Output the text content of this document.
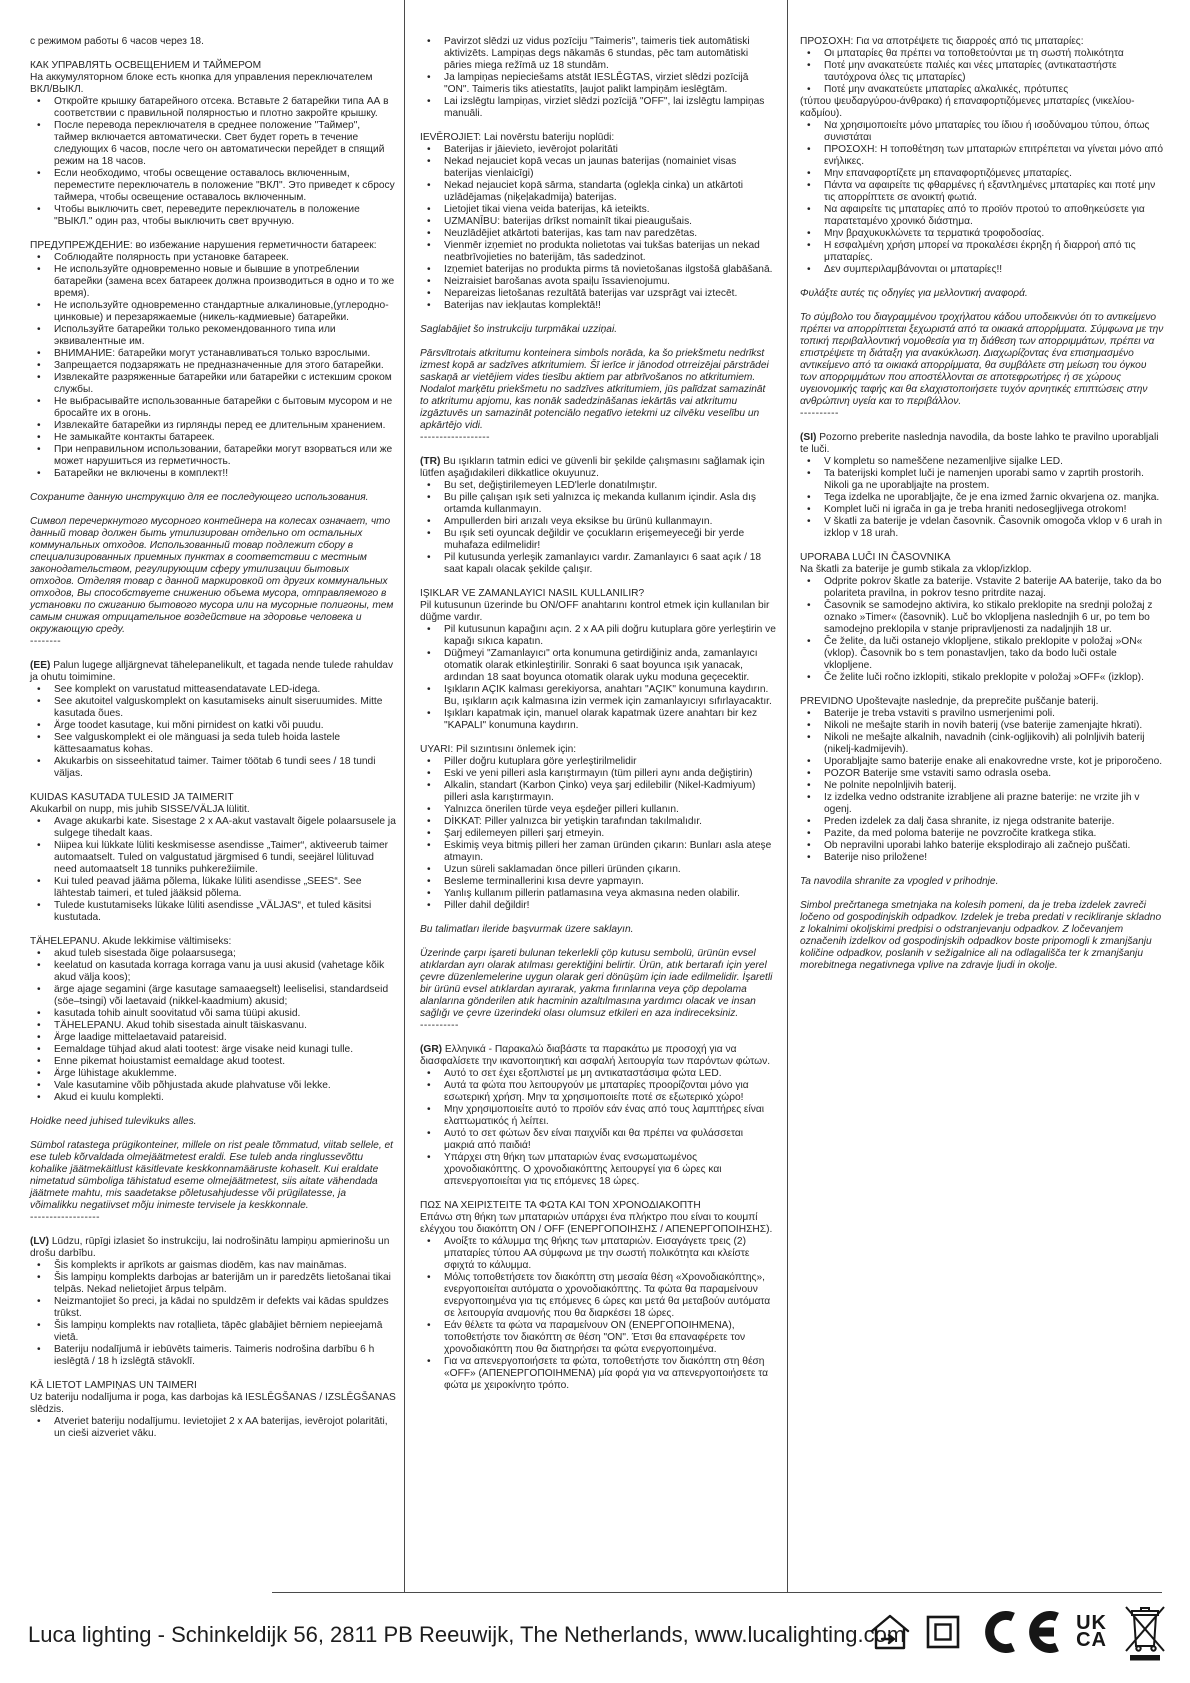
с режимом работы 6 часов через 18.
КАК УПРАВЛЯТЬ ОСВЕЩЕНИЕМ И ТАЙМЕРОМ
На аккумуляторном блоке есть кнопка для управления переключателем ВКЛ/ВЫКЛ.
• Откройте крышку батарейного отсека. Вставьте 2 батарейки типа АА в соответствии с правильной полярностью и плотно закройте крышку.
• После перевода переключателя в среднее положение "Таймер", таймер включается автоматически. Свет будет гореть в течение следующих 6 часов, после чего он автоматически перейдет в спящий режим на 18 часов.
• Если необходимо, чтобы освещение оставалось включенным, переместите переключатель в положение "ВКЛ". Это приведет к сбросу таймера, чтобы освещение оставалось включенным.
• Чтобы выключить свет, переведите переключатель в положение "ВЫКЛ." один раз, чтобы выключить свет вручную.
ПРЕДУПРЕЖДЕНИЕ: во избежание нарушения герметичности батареек:
• Соблюдайте полярность при установке батареек.
• Не используйте одновременно новые и бывшие в употреблении батарейки (замена всех батареек должна производиться в одно и то же время).
• Не используйте одновременно стандартные алкалиновые,(углеродно-цинковые) и перезаряжаемые (никель-кадмиевые) батарейки.
• Используйте батарейки только рекомендованного типа или эквивалентные им.
• ВНИМАНИЕ: батарейки могут устанавливаться только взрослыми.
• Запрещается подзаряжать не предназначенные для этого батарейки.
• Извлекайте разряженные батарейки или батарейки с истекшим сроком службы.
• Не выбрасывайте использованные батарейки с бытовым мусором и не бросайте их в огонь.
• Извлекайте батарейки из гирлянды перед ее длительным хранением.
• Не замыкайте контакты батареек.
• При неправильном использовании, батарейки могут взорваться или же может нарушиться из герметичность.
• Батарейки не включены в комплект!!
Сохраните данную инструкцию для ее последующего использования.
Символ перечеркнутого мусорного контейнера на колесах означает, что данный товар должен быть утилизирован отдельно от остальных коммунальных отходов. Использованный товар подлежит сбору в специализированных приемных пунктах в соответствии с местным законодательством, регулирующим сферу утилизации бытовых отходов. Отделяя товар с данной маркировкой от других коммунальных отходов, Вы способствуете снижению объема мусора, отправляемого в установки по сжиганию бытового мусора или на мусорные полигоны, тем самым снижая отрицательное воздействие на здоровье человека и окружающую среду.
--------
(EE) Palun lugege alljärgnevat tähelepanelikult, et tagada nende tulede rahuldav ja ohutu toimimine.
• See komplekt on varustatud mitteasendatavate LED-idega.
• See akutoitel valguskomplekt on kasutamiseks ainult siseruumides. Mitte kasutada õues.
• Ärge toodet kasutage, kui mõni pirnidest on katki või puudu.
• See valguskomplekt ei ole mänguasi ja seda tuleb hoida lastele kättesaamatus kohas.
• Akukarbis on sisseehitatud taimer. Taimer töötab 6 tundi sees / 18 tundi väljas.
KUIDAS KASUTADA TULESID JA TAIMERIT
Akukarbil on nupp, mis juhib SISSE/VÄLJA lülitit.
• Avage akukarbi kate. Sisestage 2 x AA-akut vastavalt õigele polaarsusele ja sulgege tihedalt kaas.
• Niipea kui lükkate lüliti keskmisesse asendisse „Taimer“, aktiveerub taimer automaatselt. Tuled on valgustatud järgmised 6 tundi, seejärel lülituvad need automaatselt 18 tunniks puhkerežiimile.
• Kui tuled peavad jääma põlema, lükake lüliti asendisse „SEES“. See lähtestab taimeri, et tuled jääksid põlema.
• Tulede kustutamiseks lükake lüliti asendisse „VÄLJAS“, et tuled käsitsi kustutada.
TÄHELEPANU. Akude lekkimise vältimiseks:
• akud tuleb sisestada õige polaarsusega;
• keelatud on kasutada korraga korraga vanu ja uusi akusid (vahetage kõik akud välja koos);
• ärge ajage segamini (ärge kasutage samaaegselt) leeliselisi, standardseid (söe–tsingi) või laetavaid (nikkel-kaadmium) akusid;
• kasutada tohib ainult soovitatud või sama tüüpi akusid.
• TÄHELEPANU. Akud tohib sisestada ainult täiskasvanu.
• Ärge laadige mittelaetavaid patareisid.
• Eemaldage tühjad akud alati tootest: ärge visake neid kunagi tulle.
• Enne pikemat hoiustamist eemaldage akud tootest.
• Ärge lühistage akuklemme.
• Vale kasutamine võib põhjustada akude plahvatuse või lekke.
• Akud ei kuulu komplekti.
Hoidke need juhised tulevikuks alles.
Sümbol ratastega prügikonteiner, millele on rist peale tõmmatud, viitab sellele, et ese tuleb kõrvaldada olmejäätmetest eraldi. Ese tuleb anda ringlussevõttu kohalike jäätmekäitlust käsitlevate keskkonnamääruste kohaselt. Kui eraldate nimetatud sümboliga tähistatud eseme olmejäätmetest, siis aitate vähendada jäätmete mahtu, mis saadetakse põletusahjudesse või prügilatesse, ja võimalikku negatiivset mõju inimeste tervisele ja keskkonnale.
------------------
(LV) Lūdzu, rūpīgi izlasiet šo instrukciju, lai nodrošinātu lampiņu apmierinošu un drošu darbību.
• Šis komplekts ir aprīkots ar gaismas diodēm, kas nav maināmas.
• Šis lampiņu komplekts darbojas ar baterijām un ir paredzēts lietošanai tikai telpās. Nekad nelietojiet ārpus telpām.
• Neizmantojiet šo preci, ja kādai no spuldzēm ir defekts vai kādas spuldzes trūkst.
• Šis lampiņu komplekts nav rotaļlieta, tāpēc glabājiet bērniem nepieejamā vietā.
• Bateriju nodalījumā ir iebūvēts taimeris. Taimeris nodrošina darbību 6 h ieslēgtā / 18 h izslēgtā stāvoklī.
KĀ LIETOT LAMPIŅAS UN TAIMERI
Uz bateriju nodalījuma ir poga, kas darbojas kā IESLĒGŠANAS / IZSLĒGŠANAS slēdzis.
• Atveriet bateriju nodalījumu. Ievietojiet 2 x AA baterijas, ievērojot polaritāti, un cieši aizveriet vāku.
• Pavirzot slēdzi uz vidus pozīciju "Taimeris", taimeris tiek automātiski aktivizēts. Lampiņas degs nākamās 6 stundas, pēc tam automātiski pāries miega režīmā uz 18 stundām.
• Ja lampiņas nepieciešams atstāt IESLĒGTAS, virziet slēdzi pozīcijā "ON". Taimeris tiks atiestatīts, ļaujot palikt lampiņām ieslēgtām.
• Lai izslēgtu lampiņas, virziet slēdzi pozīcijā "OFF", lai izslēgtu lampiņas manuāli.
IEVĒROJIET: Lai novērstu bateriju noplūdi:
• Baterijas ir jāievieto, ievērojot polaritāti
• Nekad nejauciet kopā vecas un jaunas baterijas (nomainiet visas baterijas vienlaicīgi)
• Nekad nejauciet kopā sārma, standarta (oglekļa cinka) un atkārtoti uzlādējamas (niķeļakadmija) baterijas.
• Lietojiet tikai viena veida baterijas, kā ieteikts.
• UZMANĪBU: baterijas drīkst nomainīt tikai pieaugušais.
• Neuzlādējiet atkārtoti baterijas, kas tam nav paredzētas.
• Vienmēr izņemiet no produkta nolietotas vai tukšas baterijas un nekad neatbrīvojieties no baterijām, tās sadedzinot.
• Izņemiet baterijas no produkta pirms tā novietošanas ilgstošā glabāšanā.
• Neizraisiet barošanas avota spaiļu īssavienojumu.
• Nepareizas lietošanas rezultātā baterijas var uzsprāgt vai iztecēt.
• Baterijas nav iekļautas komplektā!!
Saglabājiet šo instrukciju turpmākai uzziņai.
Pārsvītrotais atkritumu konteinera simbols norāda, ka šo priekšmetu nedrīkst izmest kopā ar sadzīves atkritumiem. Šī ierīce ir jānodod otrreizējai pārstrādei saskaņā ar vietējiem vides tiesību aktiem par atbrīvošanos no atkritumiem. Nodalot marķētu priekšmetu no sadzīves atkritumiem, jūs palīdzat samazināt to atkritumu apjomu, kas nonāk sadedzināšanas iekārtās vai atkritumu izgāztuvēs un samazināt potenciālo negatīvo ietekmi uz cilvēku veselību un apkārtējo vidi.
------------------
(TR) Bu ışıkların tatmin edici ve güvenli bir şekilde çalışmasını sağlamak için lütfen aşağıdakileri dikkatlice okuyunuz.
• Bu set, değiştirilemeyen LED'lerle donatılmıştır.
• Bu pille çalışan ışık seti yalnızca iç mekanda kullanım içindir. Asla dış ortamda kullanmayın.
• Ampullerden biri arızalı veya eksikse bu ürünü kullanmayın.
• Bu ışık seti oyuncak değildir ve çocukların erişemeyeceği bir yerde muhafaza edilmelidir!
• Pil kutusunda yerleşik zamanlayıcı vardır. Zamanlayıcı 6 saat açık / 18 saat kapalı olacak şekilde çalışır.
IŞIKLAR VE ZAMANLAYICI NASIL KULLANILIR?
Pil kutusunun üzerinde bu ON/OFF anahtarını kontrol etmek için kullanılan bir düğme vardır.
• Pil kutusunun kapağını açın. 2 x AA pili doğru kutuplara göre yerleştirin ve kapağı sıkıca kapatın.
• Düğmeyi "Zamanlayıcı" orta konumuna getirdiğiniz anda, zamanlayıcı otomatik olarak etkinleştirilir. Sonraki 6 saat boyunca ışık yanacak, ardından 18 saat boyunca otomatik olarak uyku moduna geçecektir.
• Işıkların AÇIK kalması gerekiyorsa, anahtarı "AÇIK" konumuna kaydırın. Bu, ışıkların açık kalmasına izin vermek için zamanlayıcıyı sıfırlayacaktır.
• Işıkları kapatmak için, manuel olarak kapatmak üzere anahtarı bir kez "KAPALI" konumuna kaydırın.
UYARI: Pil sızıntısını önlemek için:
• Piller doğru kutuplara göre yerleştirilmelidir
• Eski ve yeni pilleri asla karıştırmayın (tüm pilleri aynı anda değiştirin)
• Alkalin, standart (Karbon Çinko) veya şarj edilebilir (Nikel-Kadmiyum) pilleri asla karıştırmayın.
• Yalnızca önerilen türde veya eşdeğer pilleri kullanın.
• DİKKAT: Piller yalnızca bir yetişkin tarafından takılmalıdır.
• Şarj edilemeyen pilleri şarj etmeyin.
• Eskimiş veya bitmiş pilleri her zaman üründen çıkarın: Bunları asla ateşe atmayın.
• Uzun süreli saklamadan önce pilleri üründen çıkarın.
• Besleme terminallerini kısa devre yapmayın.
• Yanlış kullanım pillerin patlamasına veya akmasına neden olabilir.
• Piller dahil değildir!
Bu talimatları ileride başvurmak üzere saklayın.
Üzerinde çarpı işareti bulunan tekerlekli çöp kutusu sembolü, ürünün evsel atıklardan ayrı olarak atılması gerektiğini belirtir. Ürün, atık bertarafı için yerel çevre düzenlemelerine uygun olarak geri dönüşüm için iade edilmelidir. İşaretli bir ürünü evsel atıklardan ayırarak, yakma fırınlarına veya çöp depolama alanlarına gönderilen atık hacminin azaltılmasına yardımcı olacak ve insan sağlığı ve çevre üzerindeki olası olumsuz etkileri en aza indireceksiniz.
----------
(GR) Ελληνικά - Παρακαλώ διαβάστε τα παρακάτω με προσοχή για να διασφαλίσετε την ικανοποιητική και ασφαλή λειτουργία των παρόντων φώτων.
• Αυτό το σετ έχει εξοπλιστεί με μη αντικαταστάσιμα φώτα LED.
• Αυτά τα φώτα που λειτουργούν με μπαταρίες προορίζονται μόνο για εσωτερική χρήση. Μην τα χρησιμοποιείτε ποτέ σε εξωτερικό χώρο!
• Μην χρησιμοποιείτε αυτό το προϊόν εάν ένας από τους λαμπτήρες είναι ελαττωματικός ή λείπει.
• Αυτό το σετ φώτων δεν είναι παιχνίδι και θα πρέπει να φυλάσσεται μακριά από παιδιά!
• Υπάρχει στη θήκη των μπαταριών ένας ενσωματωμένος χρονοδιακόπτης. Ο χρονοδιακόπτης λειτουργεί για 6 ώρες και απενεργοποιείται για τις επόμενες 18 ώρες.
ΠΩΣ ΝΑ ΧΕΙΡΙΣΤΕΙΤΕ ΤΑ ΦΩΤΑ ΚΑΙ ΤΟΝ ΧΡΟΝΟΔΙΑΚΟΠΤΗ
Επάνω στη θήκη των μπαταριών υπάρχει ένα πλήκτρο που είναι το κουμπί ελέγχου του διακόπτη ON / OFF (ΕΝΕΡΓΟΠΟΙΗΣΗΣ / ΑΠΕΝΕΡΓΟΠΟΙΗΣΗΣ).
• Ανοίξτε το κάλυμμα της θήκης των μπαταριών. Εισαγάγετε τρεις (2) μπαταρίες τύπου AA σύμφωνα με την σωστή πολικότητα και κλείστε σφιχτά το κάλυμμα.
• Μόλις τοποθετήσετε τον διακόπτη στη μεσαία θέση «Χρονοδιακόπτης», ενεργοποιείται αυτόματα ο χρονοδιακόπτης. Τα φώτα θα παραμείνουν ενεργοποιημένα για τις επόμενες 6 ώρες και μετά θα μεταβούν αυτόματα σε λειτουργία αναμονής που θα διαρκέσει 18 ώρες.
• Εάν θέλετε τα φώτα να παραμείνουν ON (ΕΝΕΡΓΟΠΟΙΗΜΕΝΑ), τοποθετήστε τον διακόπτη σε θέση "ON". Έτσι θα επαναφέρετε τον χρονοδιακόπτη που θα διατηρήσει τα φώτα ενεργοποιημένα.
• Για να απενεργοποιήσετε τα φώτα, τοποθετήστε τον διακόπτη στη θέση «OFF» (ΑΠΕΝΕΡΓΟΠΟΙΗΜΕΝΑ) μία φορά για να απενεργοποιήσετε τα φώτα με χειροκίνητο τρόπο.
ΠΡΟΣΟΧΗ: Για να αποτρέψετε τις διαρροές από τις μπαταρίες:
• Οι μπαταρίες θα πρέπει να τοποθετούνται με τη σωστή πολικότητα
• Ποτέ μην ανακατεύετε παλιές και νέες μπαταρίες (αντικαταστήστε ταυτόχρονα όλες τις μπαταρίες)
• Ποτέ μην ανακατεύετε μπαταρίες αλκαλικές, πρότυπες
(τύπου ψευδαργύρου-άνθρακα) ή επαναφορτιζόμενες μπαταρίες (νικελίου-καδμίου).
• Να χρησιμοποιείτε μόνο μπαταρίες του ίδιου ή ισοδύναμου τύπου, όπως συνιστάται
• ΠΡΟΣΟΧΗ: Η τοποθέτηση των μπαταριών επιτρέπεται να γίνεται μόνο από ενήλικες.
• Μην επαναφορτίζετε μη επαναφορτιζόμενες μπαταρίες.
• Πάντα να αφαιρείτε τις φθαρμένες ή εξαντλημένες μπαταρίες και ποτέ μην τις απορρίπτετε σε ανοικτή φωτιά.
• Να αφαιρείτε τις μπαταρίες από το προϊόν προτού το αποθηκεύσετε για παρατεταμένο χρονικό διάστημα.
• Μην βραχυκυκλώνετε τα τερματικά τροφοδοσίας.
• Η εσφαλμένη χρήση μπορεί να προκαλέσει έκρηξη ή διαρροή από τις μπαταρίες.
• Δεν συμπεριλαμβάνονται οι μπαταρίες!!
Φυλάξτε αυτές τις οδηγίες για μελλοντική αναφορά.
Το σύμβολο του διαγραμμένου τροχήλατου κάδου υποδεικνύει ότι το αντικείμενο πρέπει να απορρίπτεται ξεχωριστά από τα οικιακά απορρίμματα. Σύμφωνα με την τοπική περιβαλλοντική νομοθεσία για τη διάθεση των απορριμμάτων, πρέπει να επιστρέψετε τη διάταξη για ανακύκλωση. Διαχωρίζοντας ένα επισημασμένο αντικείμενο από τα οικιακά απορρίμματα, θα συμβάλετε στη μείωση του όγκου των απορριμμάτων που αποστέλλονται σε αποτεφρωτήρες ή σε χώρους υγειονομικής ταφής και θα ελαχιστοποιήσετε τυχόν αρνητικές επιπτώσεις στην ανθρώπινη υγεία και το περιβάλλον.
----------
(SI) Pozorno preberite naslednja navodila, da boste lahko te pravilno uporabljali te luči.
• V kompletu so nameščene nezamenljive sijalke LED.
• Ta baterijski komplet luči je namenjen uporabi samo v zaprtih prostorih. Nikoli ga ne uporabljajte na prostem.
• Tega izdelka ne uporabljajte, če je ena izmed žarnic okvarjena oz. manjka.
• Komplet luči ni igrača in ga je treba hraniti nedosegljivega otrokom!
• V škatli za baterije je vdelan časovnik. Časovnik omogoča vklop v 6 urah in izklop v 18 urah.
UPORABA LUČI IN ČASOVNIKA
Na škatli za baterije je gumb stikala za vklop/izklop.
• Odprite pokrov škatle za baterije. Vstavite 2 baterije AA baterije, tako da bo polariteta pravilna, in pokrov tesno pritrdite nazaj.
• Časovnik se samodejno aktivira, ko stikalo preklopite na srednji položaj z oznako »Timer« (časovnik). Luč bo vklopljena naslednjih 6 ur, po tem bo samodejno preklopila v stanje pripravljenosti za nadaljnjih 18 ur.
• Če želite, da luči ostanejo vklopljene, stikalo preklopite v položaj »ON« (vklop). Časovnik bo s tem ponastavljen, tako da bodo luči ostale vklopljene.
• Če želite luči ročno izklopiti, stikalo preklopite v položaj »OFF« (izklop).
PREVIDNO Upoštevajte naslednje, da preprečite puščanje baterij.
• Baterije je treba vstaviti s pravilno usmerjenimi poli.
• Nikoli ne mešajte starih in novih baterij (vse baterije zamenjajte hkrati).
• Nikoli ne mešajte alkalnih, navadnih (cink-ogljikovih) ali polnljivih baterij (nikelj-kadmijevih).
• Uporabljajte samo baterije enake ali enakovredne vrste, kot je priporočeno.
• POZOR Baterije sme vstaviti samo odrasla oseba.
• Ne polnite nepolnljivih baterij.
• Iz izdelka vedno odstranite izrabljene ali prazne baterije: ne vrzite jih v ogenj.
• Preden izdelek za dalj časa shranite, iz njega odstranite baterije.
• Pazite, da med poloma baterije ne povzročite kratkega stika.
• Ob nepravilni uporabi lahko baterije eksplodirajo ali začnejo puščati.
• Baterije niso priložene!
Ta navodila shranite za vpogled v prihodnje.
Simbol prečrtanega smetnjaka na kolesih pomeni, da je treba izdelek zavreči ločeno od gospodinjskih odpadkov. Izdelek je treba predati v recikliranje skladno z lokalnimi okoljskimi predpisi o odstranjevanju odpadkov. Z ločevanjem označenih izdelkov od gospodinjskih odpadkov boste pripomogli k zmanjšanju količine odpadkov, poslanih v sežigalnice ali na odlagališča ter k zmanjšanju morebitnega negativnega vplive na zdravje ljudi in okolje.
Luca lighting - Schinkeldijk 56, 2811 PB Reeuwijk, The Netherlands, www.lucalighting.com	UK
CA
